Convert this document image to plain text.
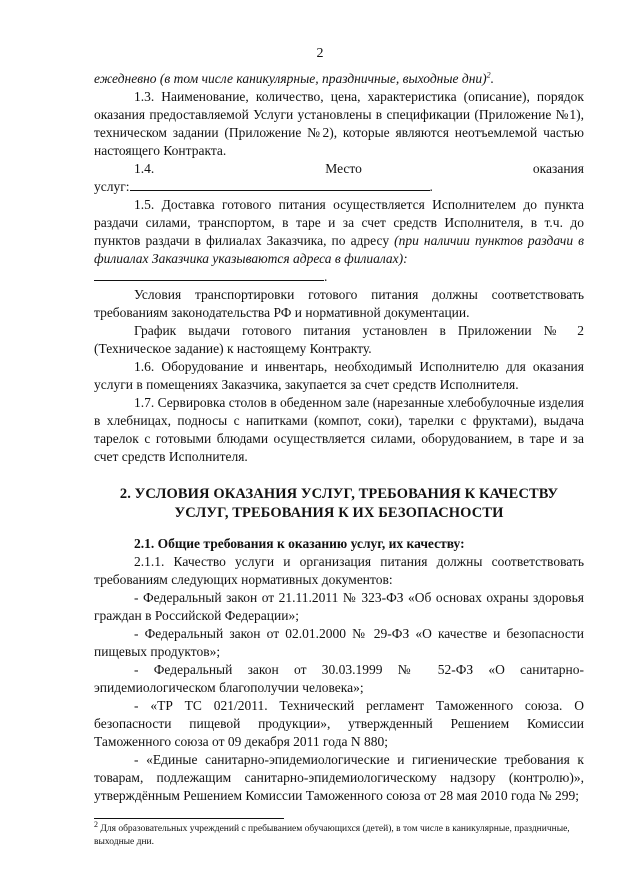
2

ежедневно (в том числе каникулярные, праздничные, выходные дни)$^2$.

1.3. Наименование, количество, цена, характеристика (описание), порядок оказания предоставляемой Услуги установлены в спецификации (Приложение №1), техническом задании (Приложение №2), которые являются неотъемлемой частью настоящего Контракта.

1.4.	Место	оказания

услуг:	.

1.5. Доставка готового питания осуществляется Исполнителем до пункта раздачи силами, транспортом, в таре и за счет средств Исполнителя, в т.ч. до пунктов раздачи в филиалах Заказчика, по адресу (при наличии пунктов раздачи в филиалах Заказчика указываются адреса в филиалах):

.

Условия транспортировки готового питания должны соответствовать требованиям законодательства РФ и нормативной документации.

График выдачи готового питания установлен в Приложении № 2 (Техническое задание) к настоящему Контракту.

1.6. Оборудование и инвентарь, необходимый Исполнителю для оказания услуги в помещениях Заказчика, закупается за счет средств Исполнителя.

1.7. Сервировка столов в обеденном зале (нарезанные хлебобулочные изделия в хлебницах, подносы с напитками (компот, соки), тарелки с фруктами), выдача тарелок с готовыми блюдами осуществляется силами, оборудованием, в таре и за счет средств Исполнителя.

2. УСЛОВИЯ ОКАЗАНИЯ УСЛУГ, ТРЕБОВАНИЯ К КАЧЕСТВУ
УСЛУГ, ТРЕБОВАНИЯ К ИХ БЕЗОПАСНОСТИ

2.1. Общие требования к оказанию услуг, их качеству:

2.1.1. Качество услуги и организация питания должны соответствовать требованиям следующих нормативных документов:

- Федеральный закон от 21.11.2011 № 323-ФЗ «Об основах охраны здоровья граждан в Российской Федерации»;

- Федеральный закон от 02.01.2000 № 29-ФЗ «О качестве и безопасности пищевых продуктов»;

- Федеральный закон от 30.03.1999 № 52-ФЗ «О санитарно-эпидемиологическом благополучии человека»;

- «ТР ТС 021/2011. Технический регламент Таможенного союза. О безопасности пищевой продукции», утвержденный Решением Комиссии Таможенного союза от 09 декабря 2011 года N 880;

- «Единые санитарно-эпидемиологические и гигиенические требования к товарам, подлежащим санитарно-эпидемиологическому надзору (контролю)», утверждённым Решением Комиссии Таможенного союза от 28 мая 2010 года № 299;

$^2$ Для образовательных учреждений с пребыванием обучающихся (детей), в том числе в каникулярные, праздничные, выходные дни.
